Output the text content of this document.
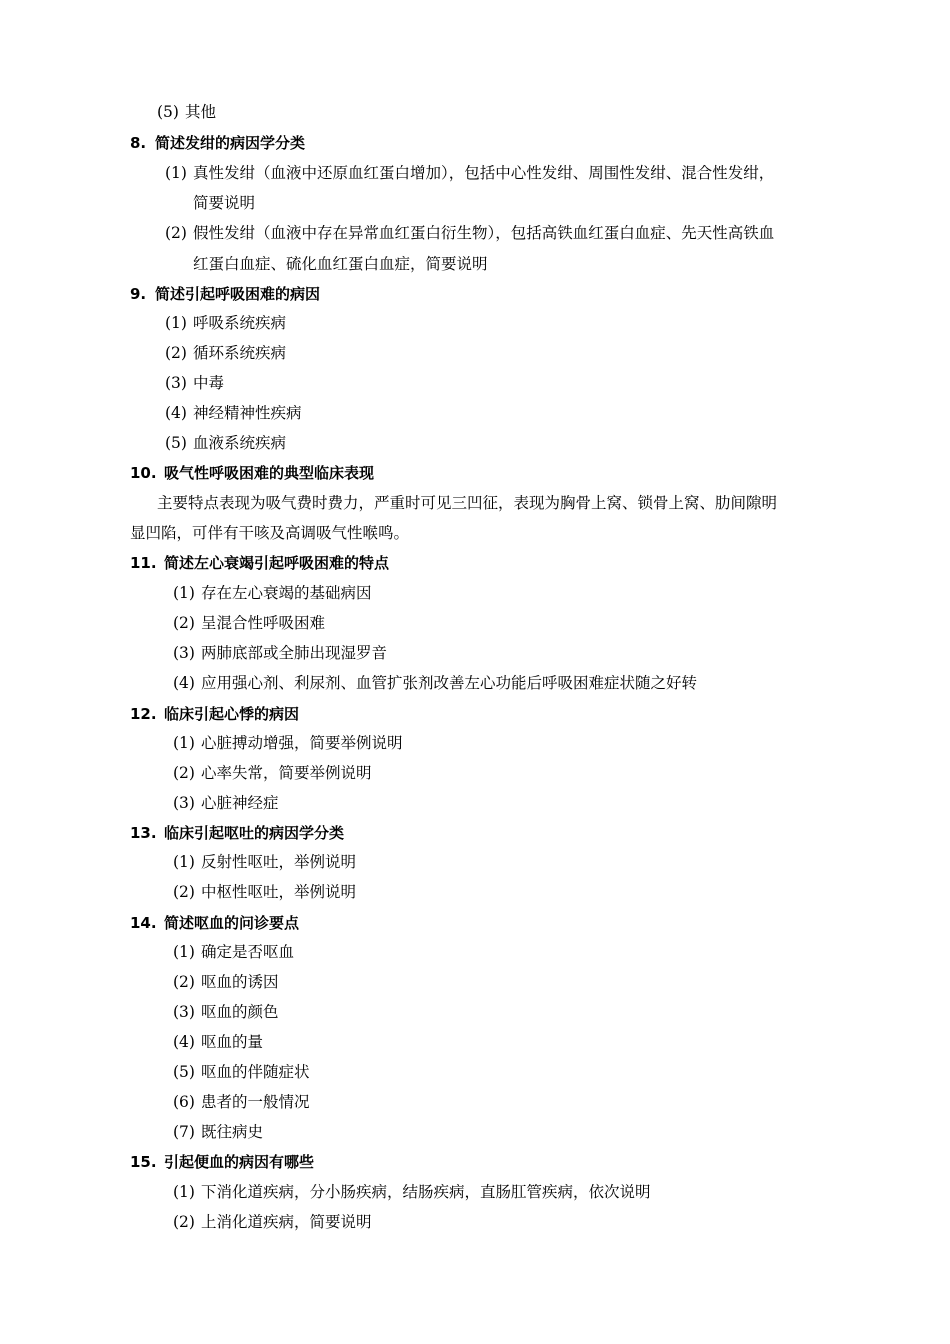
(5) 其他
8. 简述发绀的病因学分类
(1) 真性发绀（血液中还原血红蛋白增加），包括中心性发绀、周围性发绀、混合性发绀，
简要说明
(2) 假性发绀（血液中存在异常血红蛋白衍生物），包括高铁血红蛋白血症、先天性高铁血
红蛋白血症、硫化血红蛋白血症，简要说明
9. 简述引起呼吸困难的病因
(1) 呼吸系统疾病
(2) 循环系统疾病
(3) 中毒
(4) 神经精神性疾病
(5) 血液系统疾病
10. 吸气性呼吸困难的典型临床表现
主要特点表现为吸气费时费力，严重时可见三凹征，表现为胸骨上窝、锁骨上窝、肋间隙明
显凹陷，可伴有干咳及高调吸气性喉鸣。
11. 简述左心衰竭引起呼吸困难的特点
(1) 存在左心衰竭的基础病因
(2) 呈混合性呼吸困难
(3) 两肺底部或全肺出现湿罗音
(4) 应用强心剂、利尿剂、血管扩张剂改善左心功能后呼吸困难症状随之好转
12. 临床引起心悸的病因
(1) 心脏搏动增强，简要举例说明
(2) 心率失常，简要举例说明
(3) 心脏神经症
13. 临床引起呕吐的病因学分类
(1) 反射性呕吐，举例说明
(2) 中枢性呕吐，举例说明
14. 简述呕血的问诊要点
(1) 确定是否呕血
(2) 呕血的诱因
(3) 呕血的颜色
(4) 呕血的量
(5) 呕血的伴随症状
(6) 患者的一般情况
(7) 既往病史
15. 引起便血的病因有哪些
(1) 下消化道疾病，分小肠疾病，结肠疾病，直肠肛管疾病，依次说明
(2) 上消化道疾病，简要说明
